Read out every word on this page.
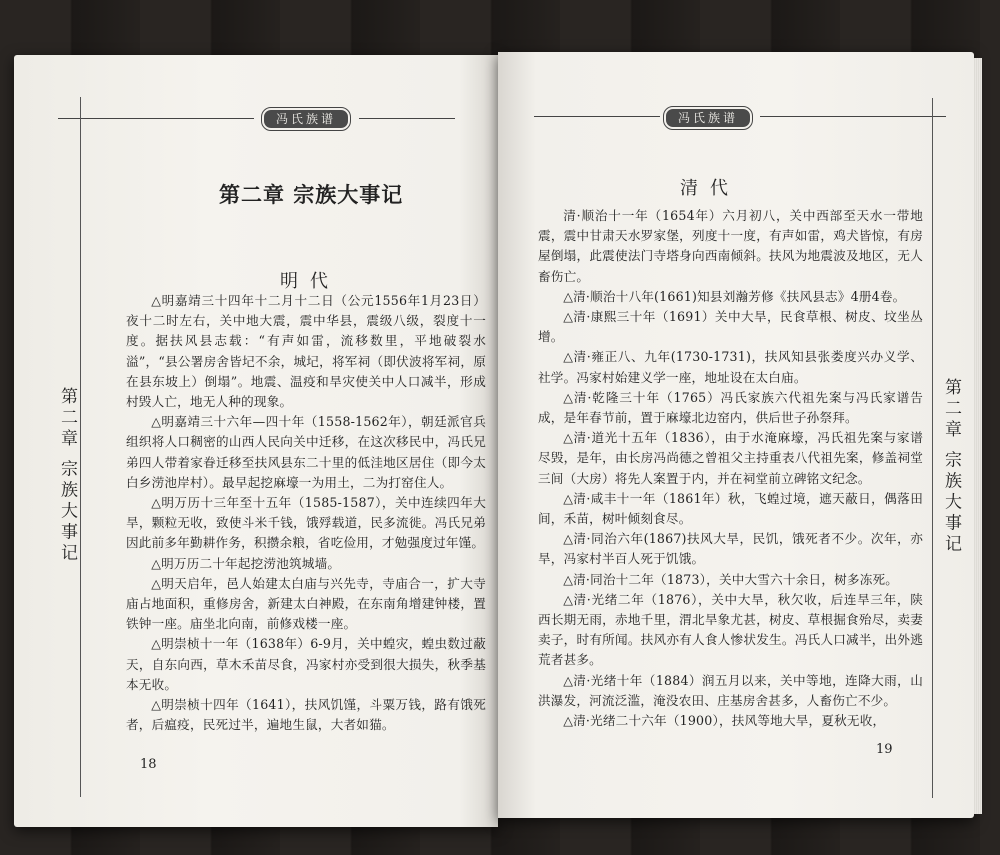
冯氏族谱
第二章 宗族大事记
明代
第二章 宗族大事记

△明嘉靖三十四年十二月十二日（公元1556年1月23日）夜十二时左右，关中地大震，震中华县，震级八级，裂度十一度。据扶风县志载：“有声如雷，流移数里，平地破裂水溢”，“县公署房舍皆圮不余，城圮，将军祠（即伏波将军祠，原在县东坡上）倒塌”。地震、温疫和旱灾使关中人口减半，形成村毁人亡，地无人种的现象。

△明嘉靖三十六年—四十年（1558-1562年），朝廷派官兵组织将人口稠密的山西人民向关中迁移，在这次移民中，冯氏兄弟四人带着家眷迁移至扶风县东二十里的低洼地区居住（即今太白乡涝池岸村）。最早起挖麻壕一为用土，二为打窑住人。

△明万历十三年至十五年（1585-1587），关中连续四年大旱，颗粒无收，致使斗米千钱，饿殍载道，民多流徙。冯氏兄弟因此前多年勤耕作务，积攒余粮，省吃俭用，才勉强度过年馑。

△明万历二十年起挖涝池筑城墙。

△明天启年，邑人始建太白庙与兴先寺，寺庙合一，扩大寺庙占地面积，重修房舍，新建太白神殿，在东南角增建钟楼，置铁钟一座。庙坐北向南，前修戏楼一座。

△明崇桢十一年（1638年）6-9月，关中蝗灾，蝗虫数过蔽天，自东向西，草木禾苗尽食，冯家村亦受到很大损失，秋季基本无收。

△明崇桢十四年（1641），扶风饥馑，斗粟万钱，路有饿死者，后瘟疫，民死过半，遍地生鼠，大者如猫。

18
冯氏族谱
清代
第二章 宗族大事记

清·顺治十一年（1654年）六月初八，关中西部至天水一带地震，震中甘肃天水罗家堡，列度十一度，有声如雷，鸡犬皆惊，有房屋倒塌，此震使法门寺塔身向西南倾斜。扶风为地震波及地区，无人畜伤亡。

△清·顺治十八年(1661)知县刘瀚芳修《扶风县志》4册4卷。

△清·康熙三十年（1691）关中大旱，民食草根、树皮、坟坐丛增。

△清·雍正八、九年(1730-1731)，扶风知县张娄度兴办义学、社学。冯家村始建义学一座，地址设在太白庙。

△清·乾隆三十年（1765）冯氏家族六代祖先案与冯氏家谱告成，是年春节前，置于麻壕北边窑内，供后世子孙祭拜。

△清·道光十五年（1836），由于水淹麻壕，冯氏祖先案与家谱尽毁，是年，由长房冯尚德之曾祖父主持重表八代祖先案，修盖祠堂三间（大房）将先人案置于内，并在祠堂前立碑铭文纪念。

△清·咸丰十一年（1861年）秋，飞蝗过境，遮天蔽日，偶落田间，禾苗，树叶倾刻食尽。

△清·同治六年(1867)扶风大旱，民饥，饿死者不少。次年，亦旱，冯家村半百人死于饥饿。

△清·同治十二年（1873），关中大雪六十余日，树多冻死。

△清·光绪二年（1876），关中大旱，秋欠收，后连旱三年，陕西长期无雨，赤地千里，渭北旱象尤甚，树皮、草根掘食殆尽，卖妻卖子，时有所闻。扶风亦有人食人惨状发生。冯氏人口减半，出外逃荒者甚多。

△清·光绪十年（1884）润五月以来，关中等地，连降大雨，山洪瀑发，河流泛滥，淹没农田、庄基房舍甚多，人畜伤亡不少。

△清·光绪二十六年（1900），扶风等地大旱，夏秋无收，

19
